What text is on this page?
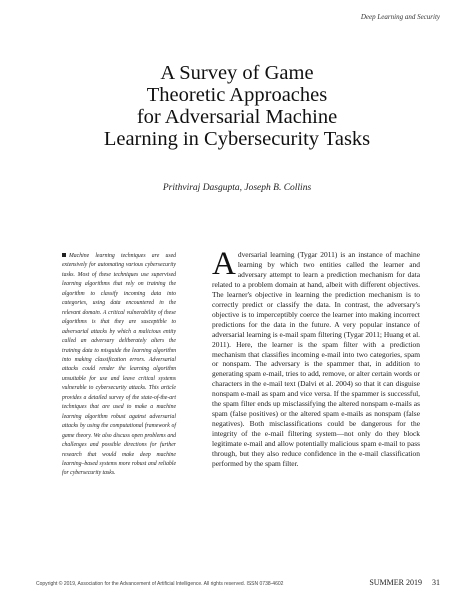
Deep Learning and Security
A Survey of Game
Theoretic Approaches
for Adversarial Machine
Learning in Cybersecurity Tasks
Prithviraj Dasgupta, Joseph B. Collins
Machine learning techniques are used extensively for automating various cybersecurity tasks. Most of these techniques use supervised learning algorithms that rely on training the algorithm to classify incoming data into categories, using data encountered in the relevant domain. A critical vulnerability of these algorithms is that they are susceptible to adversarial attacks by which a malicious entity called an adversary deliberately alters the training data to misguide the learning algorithm into making classification errors. Adversarial attacks could render the learning algorithm unsuitable for use and leave critical systems vulnerable to cybersecurity attacks. This article provides a detailed survey of the state-of-the-art techniques that are used to make a machine learning algorithm robust against adversarial attacks by using the computational framework of game theory. We also discuss open problems and challenges and possible directions for further research that would make deep machine learning–based systems more robust and reliable for cybersecurity tasks.
Adversarial learning (Tygar 2011) is an instance of machine learning by which two entities called the learner and adversary attempt to learn a prediction mechanism for data related to a problem domain at hand, albeit with different objectives. The learner's objective in learning the prediction mechanism is to correctly predict or classify the data. In contrast, the adversary's objective is to imperceptibly coerce the learner into making incorrect predictions for the data in the future. A very popular instance of adversarial learning is e-mail spam filtering (Tygar 2011; Huang et al. 2011). Here, the learner is the spam filter with a prediction mechanism that classifies incoming e-mail into two categories, spam or nonspam. The adversary is the spammer that, in addition to generating spam e-mail, tries to add, remove, or alter certain words or characters in the e-mail text (Dalvi et al. 2004) so that it can disguise nonspam e-mail as spam and vice versa. If the spammer is successful, the spam filter ends up misclassifying the altered nonspam e-mails as spam (false positives) or the altered spam e-mails as nonspam (false negatives). Both misclassifications could be dangerous for the integrity of the e-mail filtering system—not only do they block legitimate e-mail and allow potentially malicious spam e-mail to pass through, but they also reduce confidence in the e-mail classification performed by the spam filter.
Copyright © 2019, Association for the Advancement of Artificial Intelligence. All rights reserved. ISSN 0738-4602	SUMMER 2019 31
